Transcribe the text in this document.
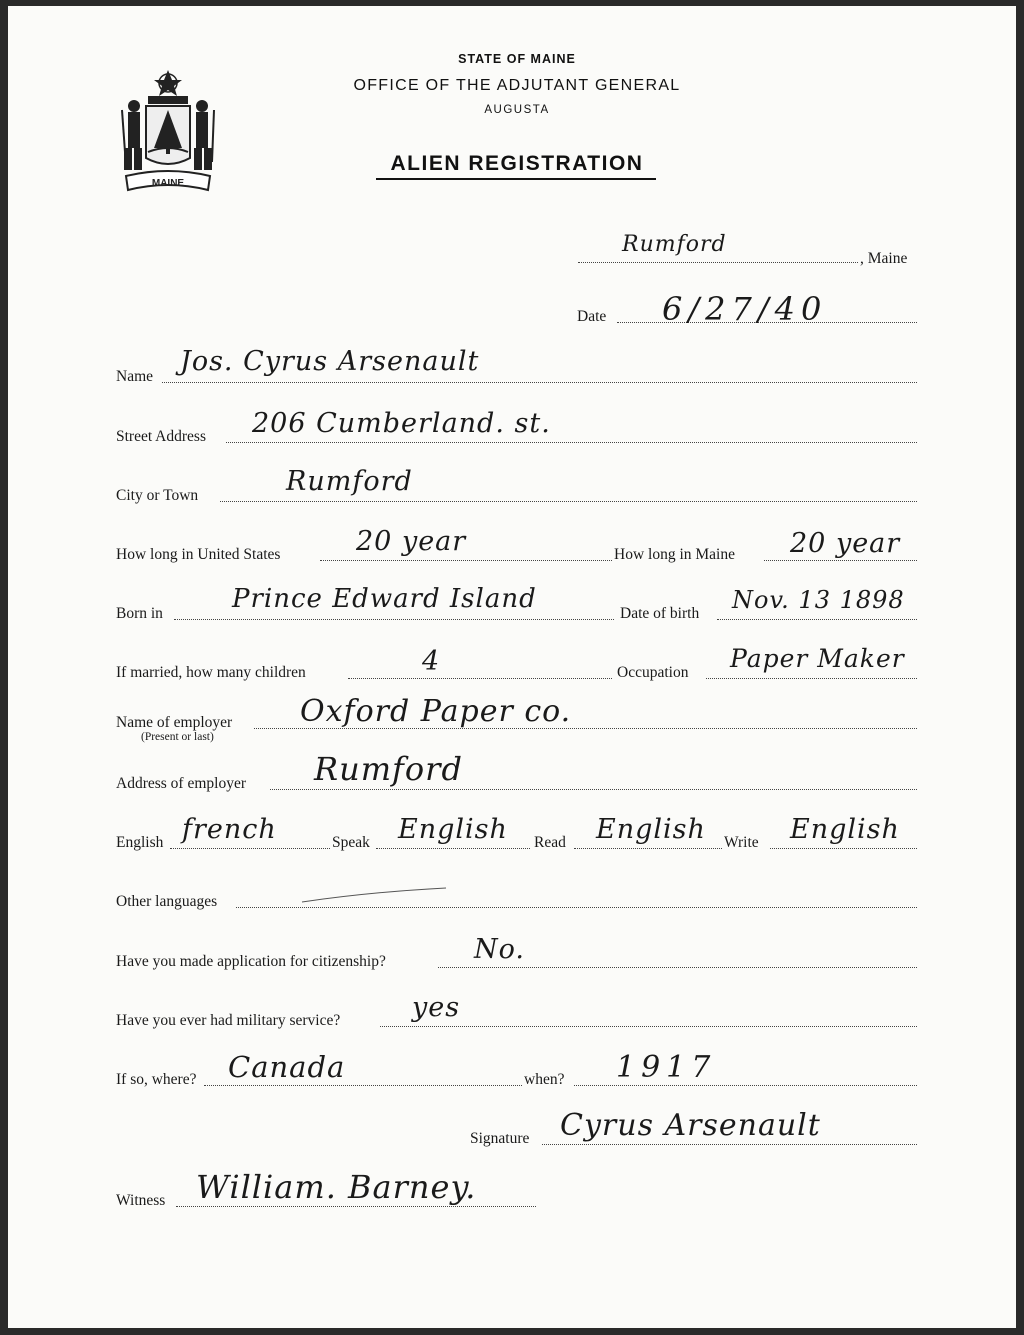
MAINE
STATE OF MAINE
OFFICE OF THE ADJUTANT GENERAL
AUGUSTA
ALIEN REGISTRATION
Rumford
, Maine
Date 6/27/40
Name Jos. Cyrus Arsenault
Street Address 206 Cumberland. st.
City or Town	Rumford
How long in United States	20 year	How long in Maine 20 year
Born in	Prince Edward Island	Date of birth Nov. 13 1898
If married, how many children	4	Occupation Paper Maker
Name of employer
(Present or last)
Oxford Paper co.
Address of employer Rumford
English french	Speak English Read English Write English
Other languages
Have you made application for citizenship?	No.
Have you ever had military service?	yes
If so, where? Canada	when? 1917
Signature Cyrus Arsenault
Witness William. Barney.
